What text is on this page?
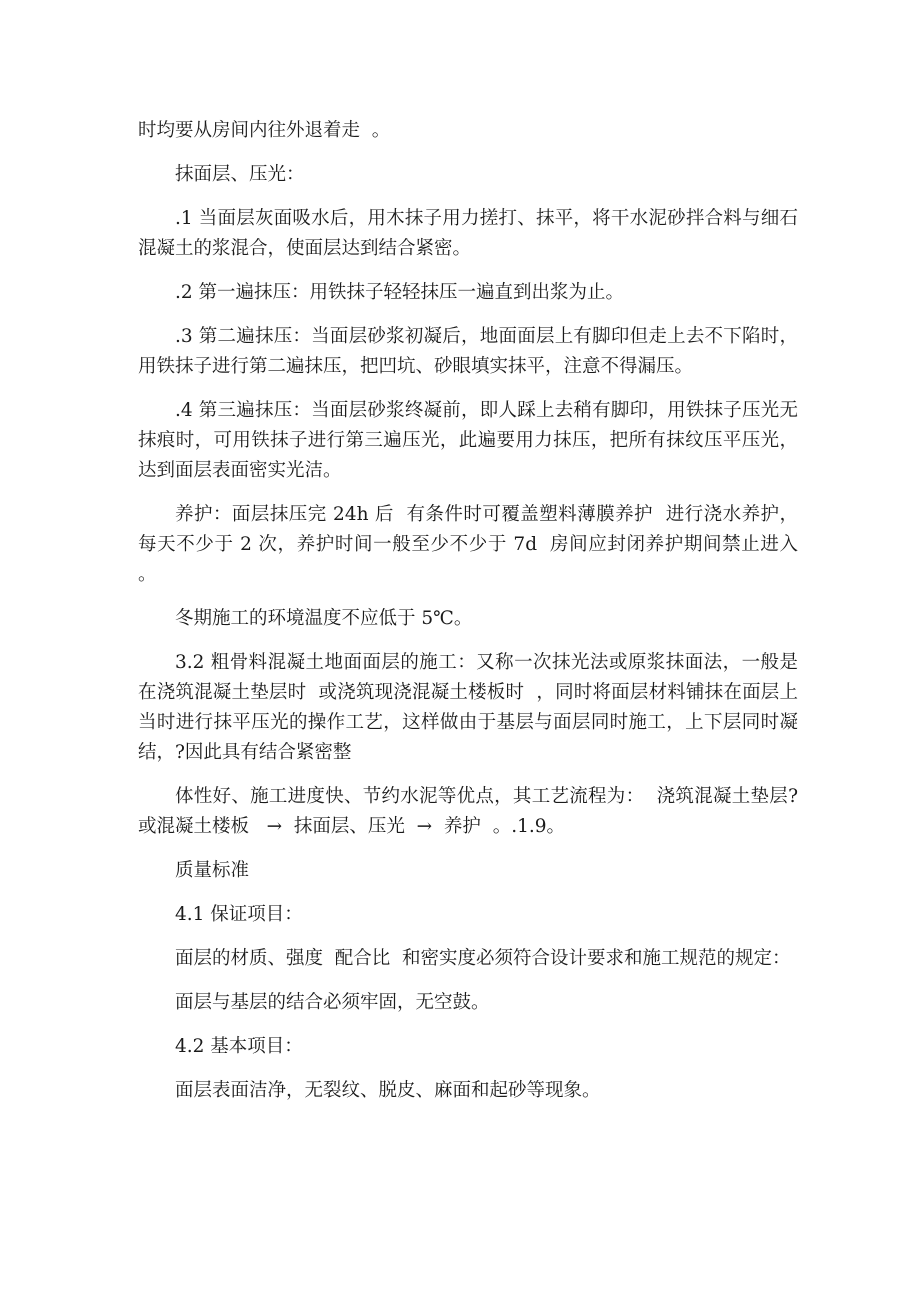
时均要从房间内往外退着走  。

抹面层、压光：

.1 当面层灰面吸水后，用木抹子用力搓打、抹平，将干水泥砂拌合料与细石混凝土的浆混合，使面层达到结合紧密。

.2 第一遍抹压：用铁抹子轻轻抹压一遍直到出浆为止。

.3 第二遍抹压：当面层砂浆初凝后，地面面层上有脚印但走上去不下陷时，用铁抹子进行第二遍抹压，把凹坑、砂眼填实抹平，注意不得漏压。

.4 第三遍抹压：当面层砂浆终凝前，即人踩上去稍有脚印，用铁抹子压光无抹痕时，可用铁抹子进行第三遍压光，此遍要用力抹压，把所有抹纹压平压光，达到面层表面密实光洁。

养护：面层抹压完 24h 后  有条件时可覆盖塑料薄膜养护  进行浇水养护，每天不少于 2 次，养护时间一般至少不少于 7d  房间应封闭养护期间禁止进入  。

冬期施工的环境温度不应低于 5℃。

3.2 粗骨料混凝土地面面层的施工：又称一次抹光法或原浆抹面法，一般是在浇筑混凝土垫层时  或浇筑现浇混凝土楼板时  ，同时将面层材料铺抹在面层上当时进行抹平压光的操作工艺，这样做由于基层与面层同时施工，上下层同时凝结，?因此具有结合紧密整

体性好、施工进度快、节约水泥等优点，其工艺流程为：  浇筑混凝土垫层?或混凝土楼板   →  抹面层、压光  →  养护  。.1.9。

质量标准

4.1 保证项目：

面层的材质、强度  配合比  和密实度必须符合设计要求和施工规范的规定：

面层与基层的结合必须牢固，无空鼓。

4.2 基本项目：

面层表面洁净，无裂纹、脱皮、麻面和起砂等现象。
